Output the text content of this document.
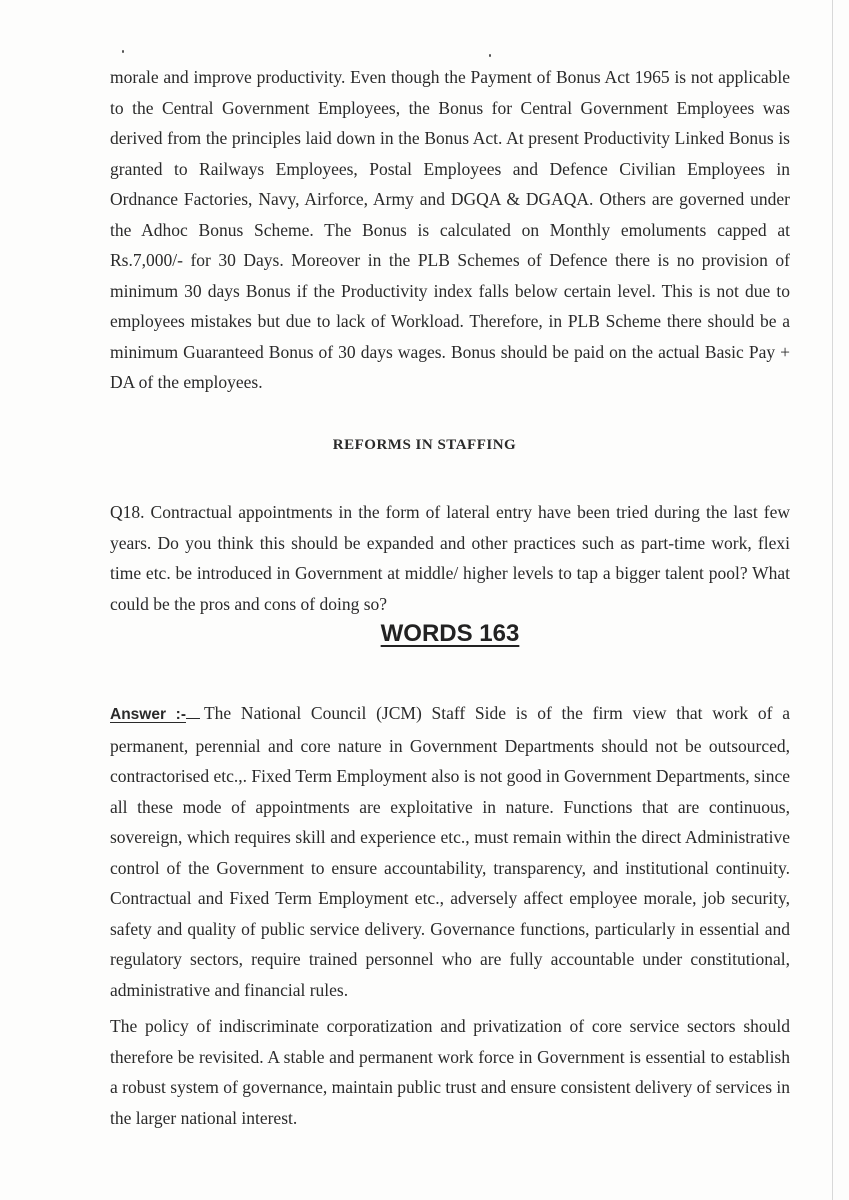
morale and improve productivity. Even though the Payment of Bonus Act 1965 is not applicable to the Central Government Employees, the Bonus for Central Government Employees was derived from the principles laid down in the Bonus Act. At present Productivity Linked Bonus is granted to Railways Employees, Postal Employees and Defence Civilian Employees in Ordnance Factories, Navy, Airforce, Army and DGQA & DGAQA. Others are governed under the Adhoc Bonus Scheme. The Bonus is calculated on Monthly emoluments capped at Rs.7,000/- for 30 Days. Moreover in the PLB Schemes of Defence there is no provision of minimum 30 days Bonus if the Productivity index falls below certain level. This is not due to employees mistakes but due to lack of Workload. Therefore, in PLB Scheme there should be a minimum Guaranteed Bonus of 30 days wages. Bonus should be paid on the actual Basic Pay + DA of the employees.

REFORMS IN STAFFING

Q18. Contractual appointments in the form of lateral entry have been tried during the last few years. Do you think this should be expanded and other practices such as part-time work, flexi time etc. be introduced in Government at middle/ higher levels to tap a bigger talent pool? What could be the pros and cons of doing so?

WORDS 163

Answer :- The National Council (JCM) Staff Side is of the firm view that work of a permanent, perennial and core nature in Government Departments should not be outsourced, contractorised etc.,. Fixed Term Employment also is not good in Government Departments, since all these mode of appointments are exploitative in nature. Functions that are continuous, sovereign, which requires skill and experience etc., must remain within the direct Administrative control of the Government to ensure accountability, transparency, and institutional continuity. Contractual and Fixed Term Employment etc., adversely affect employee morale, job security, safety and quality of public service delivery. Governance functions, particularly in essential and regulatory sectors, require trained personnel who are fully accountable under constitutional, administrative and financial rules.

The policy of indiscriminate corporatization and privatization of core service sectors should therefore be revisited. A stable and permanent work force in Government is essential to establish a robust system of governance, maintain public trust and ensure consistent delivery of services in the larger national interest.
